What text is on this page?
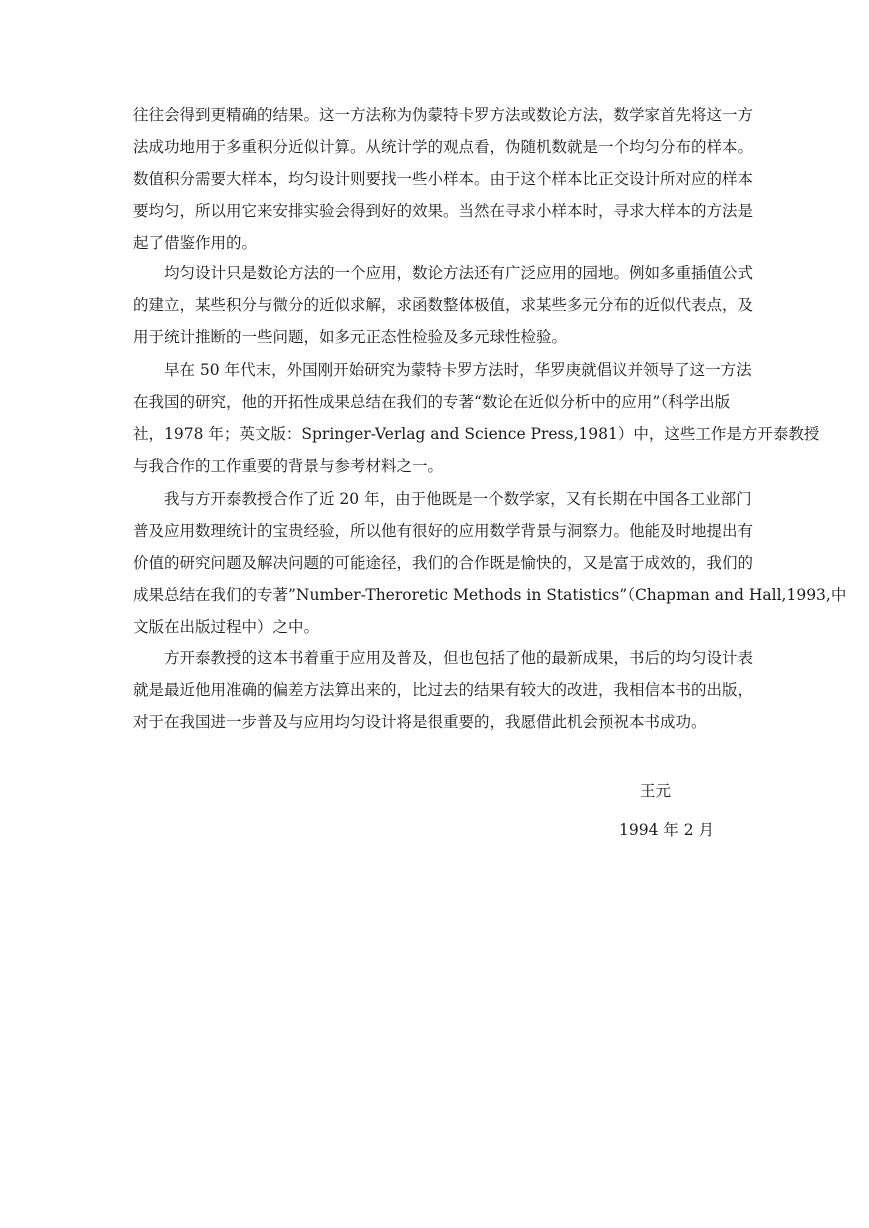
往往会得到更精确的结果。这一方法称为伪蒙特卡罗方法或数论方法，数学家首先将这一方
法成功地用于多重积分近似计算。从统计学的观点看，伪随机数就是一个均匀分布的样本。
数值积分需要大样本，均匀设计则要找一些小样本。由于这个样本比正交设计所对应的样本
要均匀，所以用它来安排实验会得到好的效果。当然在寻求小样本时，寻求大样本的方法是
起了借鉴作用的。
均匀设计只是数论方法的一个应用，数论方法还有广泛应用的园地。例如多重插值公式
的建立，某些积分与微分的近似求解，求函数整体极值，求某些多元分布的近似代表点，及
用于统计推断的一些问题，如多元正态性检验及多元球性检验。
早在 50 年代末，外国刚开始研究为蒙特卡罗方法时，华罗庚就倡议并领导了这一方法
在我国的研究，他的开拓性成果总结在我们的专著“数论在近似分析中的应用”（科学出版
社，1978 年；英文版：Springer-Verlag and Science Press,1981）中，这些工作是方开泰教授
与我合作的工作重要的背景与参考材料之一。
我与方开泰教授合作了近 20 年，由于他既是一个数学家，又有长期在中国各工业部门
普及应用数理统计的宝贵经验，所以他有很好的应用数学背景与洞察力。他能及时地提出有
价值的研究问题及解决问题的可能途径，我们的合作既是愉快的，又是富于成效的，我们的
成果总结在我们的专著”Number-Theroretic Methods in Statistics”（Chapman and Hall,1993,中
文版在出版过程中）之中。
方开泰教授的这本书着重于应用及普及，但也包括了他的最新成果，书后的均匀设计表
就是最近他用准确的偏差方法算出来的，比过去的结果有较大的改进，我相信本书的出版，
对于在我国进一步普及与应用均匀设计将是很重要的，我愿借此机会预祝本书成功。
王元
1994 年 2 月
